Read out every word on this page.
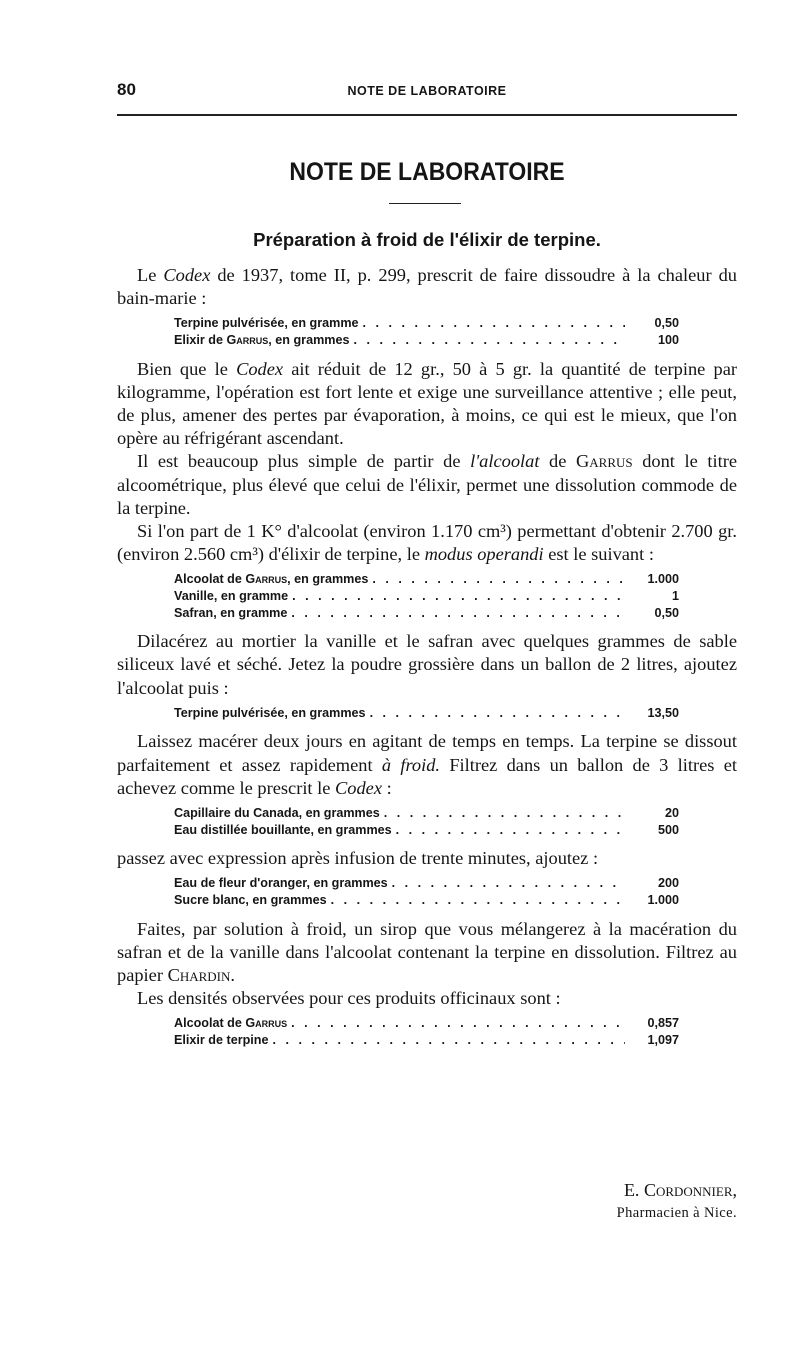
80	NOTE DE LABORATOIRE
NOTE DE LABORATOIRE
Préparation à froid de l'élixir de terpine.

Le Codex de 1937, tome II, p. 299, prescrit de faire dissoudre à la chaleur du bain-marie :

Terpine pulvérisée, en gramme . . .	0,50
Elixir de Garrus, en grammes . . .	100

Bien que le Codex ait réduit de 12 gr., 50 à 5 gr. la quantité de terpine par kilogramme, l'opération est fort lente et exige une surveillance attentive ; elle peut, de plus, amener des pertes par évaporation, à moins, ce qui est le mieux, que l'on opère au réfrigérant ascendant.

Il est beaucoup plus simple de partir de l'alcoolat de Garrus dont le titre alcoométrique, plus élevé que celui de l'élixir, permet une dissolution commode de la terpine.

Si l'on part de 1 K° d'alcoolat (environ 1.170 cm³) permettant d'obtenir 2.700 gr. (environ 2.560 cm³) d'élixir de terpine, le modus operandi est le suivant :

Alcoolat de Garrus, en grammes . . .	1.000
Vanille, en gramme . . .	1
Safran, en gramme . . .	0,50

Dilacérez au mortier la vanille et le safran avec quelques grammes de sable siliceux lavé et séché. Jetez la poudre grossière dans un ballon de 2 litres, ajoutez l'alcoolat puis :

Terpine pulvérisée, en grammes . . .	13,50

Laissez macérer deux jours en agitant de temps en temps. La terpine se dissout parfaitement et assez rapidement à froid. Filtrez dans un ballon de 3 litres et achevez comme le prescrit le Codex :

Capillaire du Canada, en grammes . . .	20
Eau distillée bouillante, en grammes . . .	500

passez avec expression après infusion de trente minutes, ajoutez :

Eau de fleur d'oranger, en grammes . . .	200
Sucre blanc, en grammes . . .	1.000

Faites, par solution à froid, un sirop que vous mélangerez à la macération du safran et de la vanille dans l'alcoolat contenant la terpine en dissolution. Filtrez au papier Chardin.

Les densités observées pour ces produits officinaux sont :

Alcoolat de Garrus . . .	0,857
Elixir de terpine . . .	1,097
E. Cordonnier,
Pharmacien à Nice.
